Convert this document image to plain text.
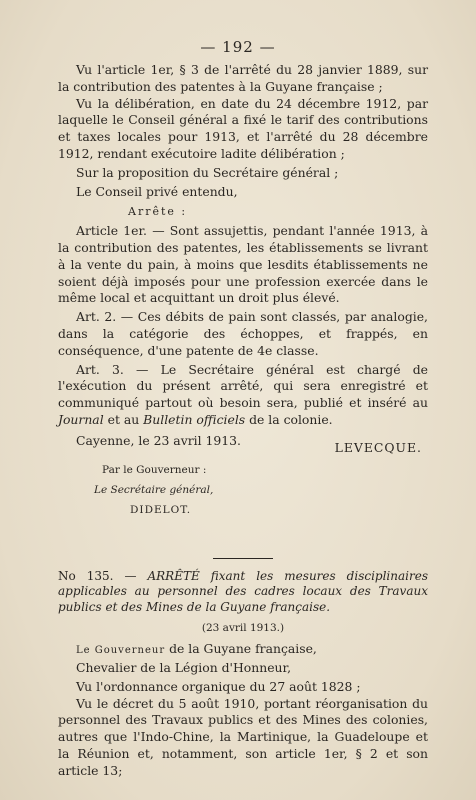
— 192 —

Vu l'article 1er, § 3 de l'arrêté du 28 janvier 1889, sur la contribution des patentes à la Guyane française ;

Vu la délibération, en date du 24 décembre 1912, par laquelle le Conseil général a fixé le tarif des contributions et taxes locales pour 1913, et l'arrêté du 28 décembre 1912, rendant exécutoire ladite délibération ;

Sur la proposition du Secrétaire général ;

Le Conseil privé entendu,

Arrête :

Article 1er. — Sont assujettis, pendant l'année 1913, à la contribution des patentes, les établissements se livrant à la vente du pain, à moins que lesdits établissements ne soient déjà imposés pour une profession exercée dans le même local et acquittant un droit plus élevé.

Art. 2. — Ces débits de pain sont classés, par analogie, dans la catégorie des échoppes, et frappés, en conséquence, d'une patente de 4e classe.

Art. 3. — Le Secrétaire général est chargé de l'exécution du présent arrêté, qui sera enregistré et communiqué partout où besoin sera, publié et inséré au Journal et au Bulletin officiels de la colonie.

Cayenne, le 23 avril 1913.	LEVECQUE.
Par le Gouverneur :
Le Secrétaire général,
DIDELOT.

No 135. — ARRÊTÉ fixant les mesures disciplinaires applicables au personnel des cadres locaux des Travaux publics et des Mines de la Guyane française.

(23 avril 1913.)

Le Gouverneur de la Guyane française,

Chevalier de la Légion d'Honneur,

Vu l'ordonnance organique du 27 août 1828 ;

Vu le décret du 5 août 1910, portant réorganisation du personnel des Travaux publics et des Mines des colonies, autres que l'Indo-Chine, la Martinique, la Guadeloupe et la Réunion et, notamment, son article 1er, § 2 et son article 13;
